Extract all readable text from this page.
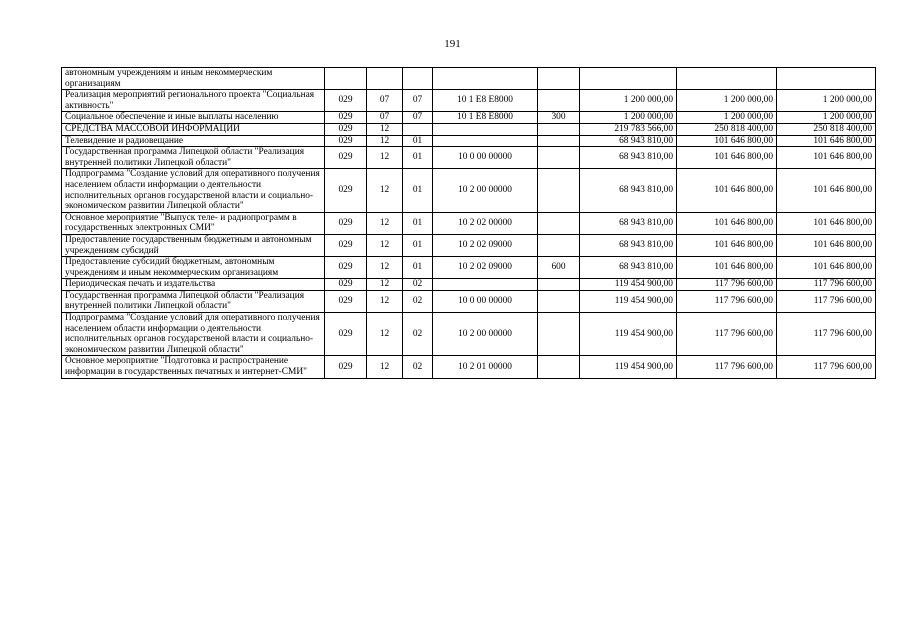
191
автономным учреждениям и иным некоммерческим организациям								
Реализация мероприятий регионального проекта "Социальная активность"	029	07	07	10 1 E8 E8000		1 200 000,00	1 200 000,00	1 200 000,00
Социальное обеспечение и иные выплаты населению	029	07	07	10 1 E8 E8000	300	1 200 000,00	1 200 000,00	1 200 000,00
СРЕДСТВА МАССОВОЙ ИНФОРМАЦИИ	029	12				219 783 566,00	250 818 400,00	250 818 400,00
Телевидение и радиовещание	029	12	01			68 943 810,00	101 646 800,00	101 646 800,00
Государственная программа Липецкой области "Реализация внутренней политики Липецкой области"	029	12	01	10 0 00 00000		68 943 810,00	101 646 800,00	101 646 800,00
Подпрограмма "Создание условий для оперативного получения населением области информации о деятельности исполнительных органов государственой власти и социально-экономическом развитии Липецкой области"	029	12	01	10 2 00 00000		68 943 810,00	101 646 800,00	101 646 800,00
Основное мероприятие "Выпуск теле- и радиопрограмм в государственных электронных СМИ"	029	12	01	10 2 02 00000		68 943 810,00	101 646 800,00	101 646 800,00
Предоставление государственным бюджетным и автономным учреждениям субсидий	029	12	01	10 2 02 09000		68 943 810,00	101 646 800,00	101 646 800,00
Предоставление субсидий бюджетным, автономным учреждениям и иным некоммерческим организациям	029	12	01	10 2 02 09000	600	68 943 810,00	101 646 800,00	101 646 800,00
Периодическая печать и издательства	029	12	02			119 454 900,00	117 796 600,00	117 796 600,00
Государственная программа Липецкой области "Реализация внутренней политики Липецкой области"	029	12	02	10 0 00 00000		119 454 900,00	117 796 600,00	117 796 600,00
Подпрограмма "Создание условий для оперативного получения населением области информации о деятельности исполнительных органов государственой власти и социально-экономическом развитии Липецкой области"	029	12	02	10 2 00 00000		119 454 900,00	117 796 600,00	117 796 600,00
Основное мероприятие "Подготовка и распространение информации в государственных печатных и интернет-СМИ"	029	12	02	10 2 01 00000		119 454 900,00	117 796 600,00	117 796 600,00
